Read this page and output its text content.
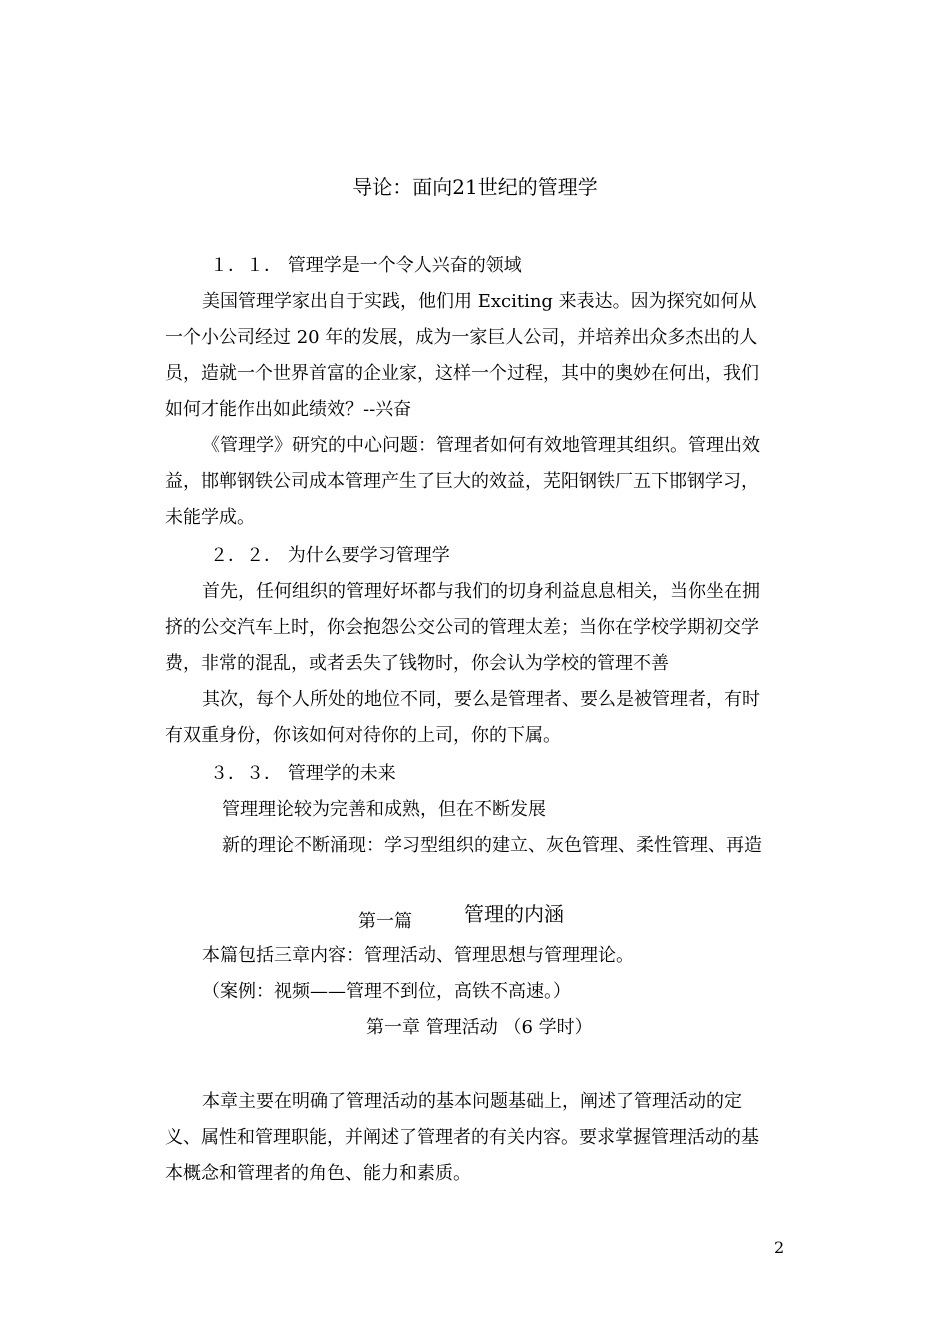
导论：面向21世纪的管理学
１．１． 管理学是一个令人兴奋的领域
美国管理学家出自于实践，他们用 Exciting 来表达。因为探究如何从
一个小公司经过 20 年的发展，成为一家巨人公司，并培养出众多杰出的人
员，造就一个世界首富的企业家，这样一个过程，其中的奥妙在何出，我们
如何才能作出如此绩效？--兴奋
《管理学》研究的中心问题：管理者如何有效地管理其组织。管理出效
益，邯郸钢铁公司成本管理产生了巨大的效益，芜阳钢铁厂五下邯钢学习，
未能学成。
２．２． 为什么要学习管理学
首先，任何组织的管理好坏都与我们的切身利益息息相关，当你坐在拥
挤的公交汽车上时，你会抱怨公交公司的管理太差；当你在学校学期初交学
费，非常的混乱，或者丢失了钱物时，你会认为学校的管理不善
其次，每个人所处的地位不同，要么是管理者、要么是被管理者，有时
有双重身份，你该如何对待你的上司，你的下属。
３．３． 管理学的未来
管理理论较为完善和成熟，但在不断发展
新的理论不断涌现：学习型组织的建立、灰色管理、柔性管理、再造
第一篇	管理的内涵
本篇包括三章内容：管理活动、管理思想与管理理论。
（案例：视频——管理不到位，高铁不高速。）
第一章 管理活动 （6 学时）
本章主要在明确了管理活动的基本问题基础上，阐述了管理活动的定
义、属性和管理职能，并阐述了管理者的有关内容。要求掌握管理活动的基
本概念和管理者的角色、能力和素质。
2
